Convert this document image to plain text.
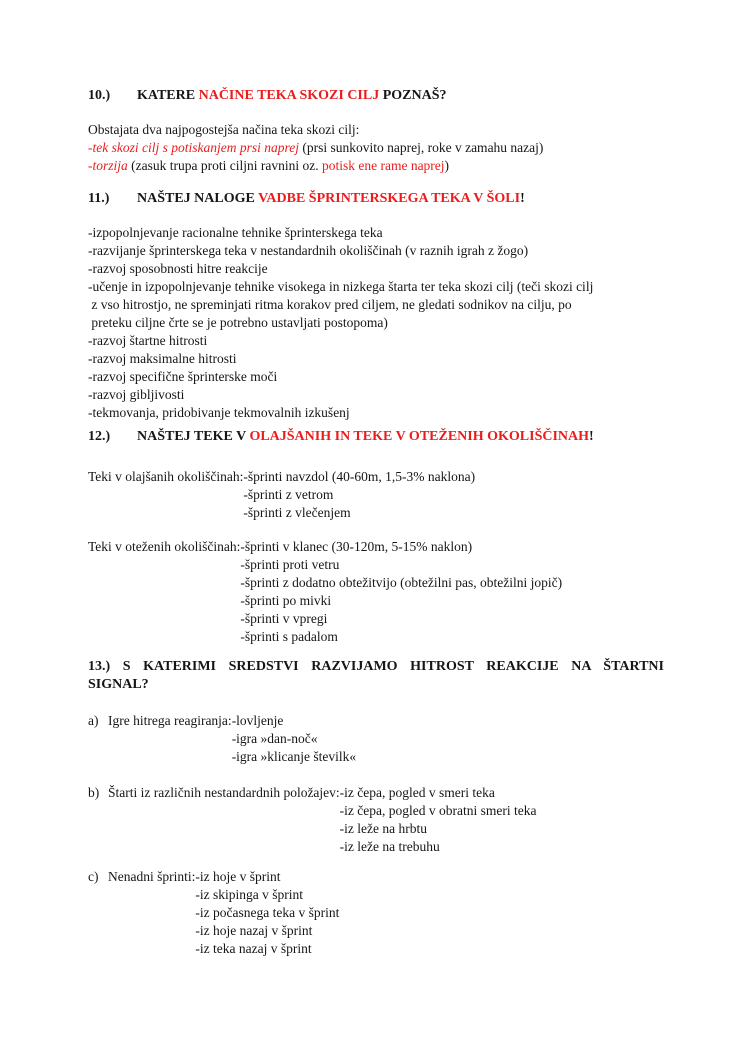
10.)	KATERE NAČINE TEKA SKOZI CILJ POZNAŠ?
Obstajata dva najpogostejša načina teka skozi cilj:
-tek skozi cilj s potiskanjem prsi naprej (prsi sunkovito naprej, roke v zamahu nazaj)
-torzija (zasuk trupa proti ciljni ravnini oz. potisk ene rame naprej)
11.)	NAŠTEJ NALOGE VADBE ŠPRINTERSKEGA TEKA V ŠOLI!
-izpopolnjevanje racionalne tehnike šprinterskega teka
-razvijanje šprinterskega teka v nestandardnih okoliščinah (v raznih igrah z žogo)
-razvoj sposobnosti hitre reakcije
-učenje in izpopolnjevanje tehnike visokega in nizkega štarta ter teka skozi cilj (teči skozi cilj
z vso hitrostjo, ne spreminjati ritma korakov pred ciljem, ne gledati sodnikov na cilju, po
preteku ciljne črte se je potrebno ustavljati postopoma)
-razvoj štartne hitrosti
-razvoj maksimalne hitrosti
-razvoj specifične šprinterske moči
-razvoj gibljivosti
-tekmovanja, pridobivanje tekmovalnih izkušenj
12.)	NAŠTEJ TEKE V OLAJŠANIH IN TEKE V OTEŽENIH OKOLIŠČINAH!
Teki v olajšanih okoliščinah: -šprinti navzdol (40-60m, 1,5-3% naklona)
-šprinti z vetrom
-šprinti z vlečenjem
Teki v oteženih okoliščinah: -šprinti v klanec (30-120m, 5-15% naklon)
-šprinti proti vetru
-šprinti z dodatno obtežitvijo (obtežilni pas, obtežilni jopič)
-šprinti po mivki
-šprinti v vpregi
-šprinti s padalom
13.) S KATERIMI SREDSTVI RAZVIJAMO HITROST REAKCIJE NA ŠTARTNI
SIGNAL?
a) Igre hitrega reagiranja: -lovljenje
-igra »dan-noč«
-igra »klicanje številk«
b) Štarti iz različnih nestandardnih položajev: -iz čepa, pogled v smeri teka
-iz čepa, pogled v obratni smeri teka
-iz leže na hrbtu
-iz leže na trebuhu
c) Nenadni šprinti: -iz hoje v šprint
-iz skipinga v šprint
-iz počasnega teka v šprint
-iz hoje nazaj v šprint
-iz teka nazaj v šprint
